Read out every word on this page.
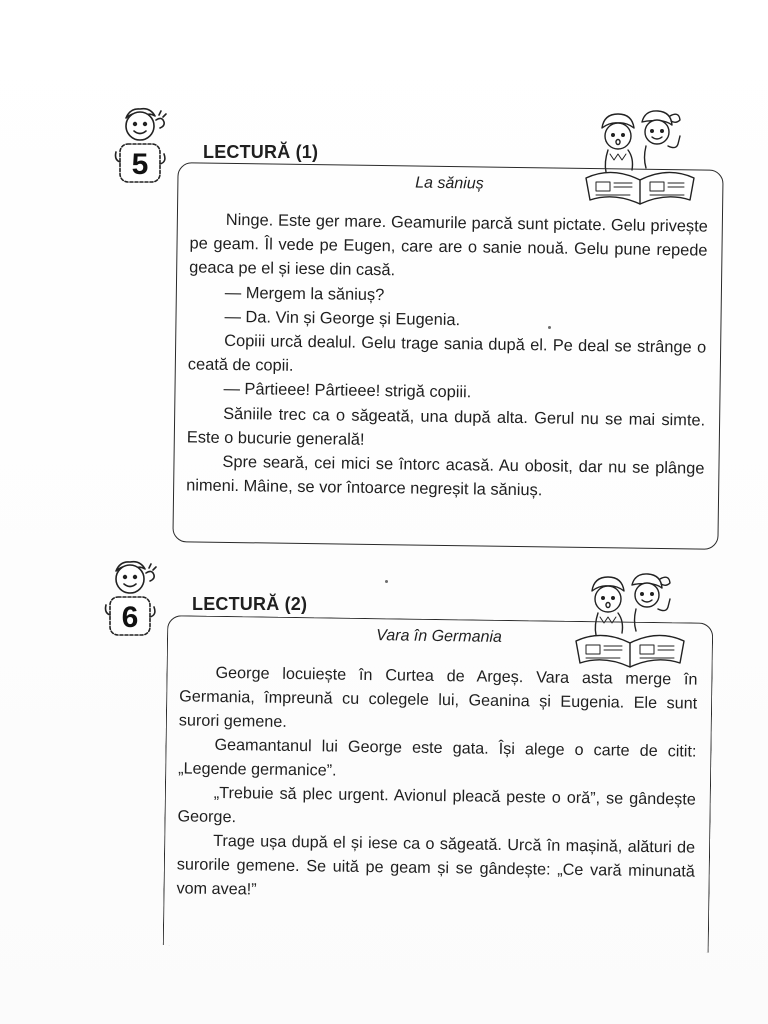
5	LECTURĂ (1)

La săniuș

Ninge. Este ger mare. Geamurile parcă sunt pictate. Gelu privește pe geam. Îl vede pe Eugen, care are o sanie nouă. Gelu pune repede geaca pe el și iese din casă.

— Mergem la săniuș?

— Da. Vin și George și Eugenia.

Copiii urcă dealul. Gelu trage sania după el. Pe deal se strânge o ceată de copii.

— Pârtieee! Pârtieee! strigă copiii.

Săniile trec ca o săgeată, una după alta. Gerul nu se mai simte. Este o bucurie generală!

Spre seară, cei mici se întorc acasă. Au obosit, dar nu se plânge nimeni. Mâine, se vor întoarce negreșit la săniuș.

6	LECTURĂ (2)

Vara în Germania

George locuiește în Curtea de Argeș. Vara asta merge în Germania, împreună cu colegele lui, Geanina și Eugenia. Ele sunt surori gemene.

Geamantanul lui George este gata. Își alege o carte de citit: „Legende germanice”.

„Trebuie să plec urgent. Avionul pleacă peste o oră”, se gândește George.

Trage ușa după el și iese ca o săgeată. Urcă în mașină, alături de surorile gemene. Se uită pe geam și se gândește: „Ce vară minunată vom avea!”
